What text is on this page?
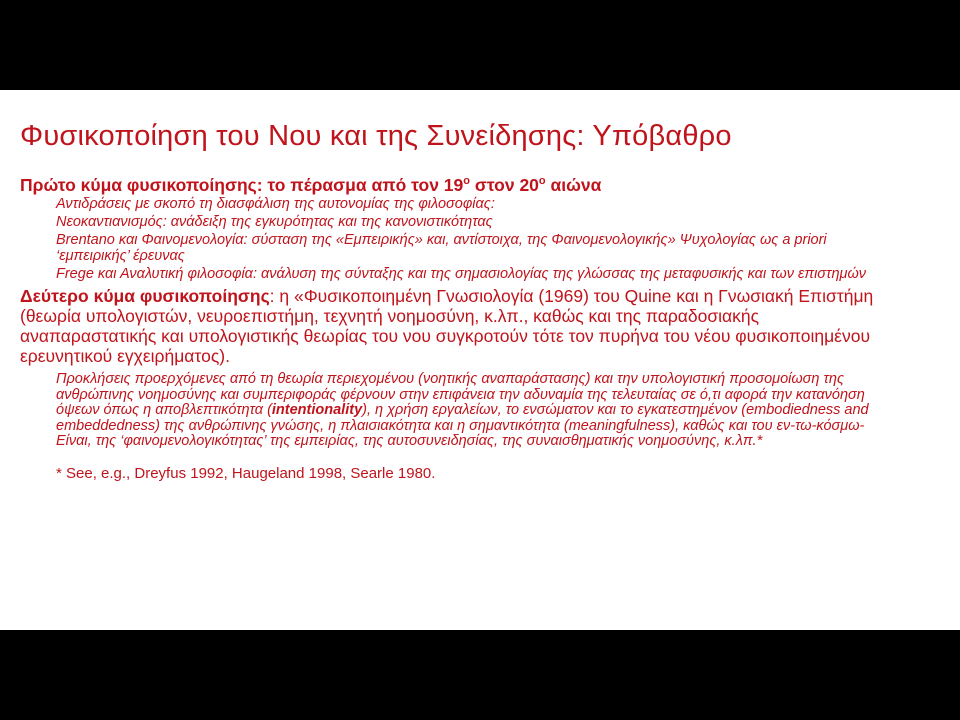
Φυσικοποίηση του Νου και της Συνείδησης: Υπόβαθρο
Πρώτο κύμα φυσικοποίησης: το πέρασμα από τον $19^o$ στον $20^o$ αιώνα
Αντιδράσεις με σκοπό τη διασφάλιση της αυτονομίας της φιλοσοφίας:
Νεοκαντιανισμός: ανάδειξη της εγκυρότητας και της κανονιστικότητας
Brentano και Φαινομενολογία: σύσταση της «Εμπειρικής» και, αντίστοιχα, της Φαινομενολογικής» Ψυχολογίας ως a priori ‘εμπειρικής’ έρευνας
Frege και Αναλυτική φιλοσοφία: ανάλυση της σύνταξης και της σημασιολογίας της γλώσσας της μεταφυσικής και των επιστημών
Δεύτερο κύμα φυσικοποίησης: η «Φυσικοποιημένη Γνωσιολογία (1969) του Quine και η Γνωσιακή Επιστήμη (θεωρία υπολογιστών, νευροεπιστήμη, τεχνητή νοημοσύνη, κ.λπ., καθώς και της παραδοσιακής αναπαραστατικής και υπολογιστικής θεωρίας του νου συγκροτούν τότε τον πυρήνα του νέου φυσικοποιημένου ερευνητικού εγχειρήματος).
Προκλήσεις προερχόμενες από τη θεωρία περιεχομένου (νοητικής αναπαράστασης) και την υπολογιστική προσομοίωση της ανθρώπινης νοημοσύνης και συμπεριφοράς φέρνουν στην επιφάνεια την αδυναμία της τελευταίας σε ό,τι αφορά την κατανόηση όψεων όπως η αποβλεπτικότητα (intentionality), η χρήση εργαλείων, το ενσώματον και το εγκατεστημένον (embodiedness and embeddedness) της ανθρώπινης γνώσης, η πλαισιακότητα και η σημαντικότητα (meaningfulness), καθώς και του εν-τω-κόσμω-Είναι, της ‘φαινομενολογικότητας’ της εμπειρίας, της αυτοσυνειδησίας, της συναισθηματικής νοημοσύνης, κ.λπ.*
* See, e.g., Dreyfus 1992, Haugeland 1998, Searle 1980.
